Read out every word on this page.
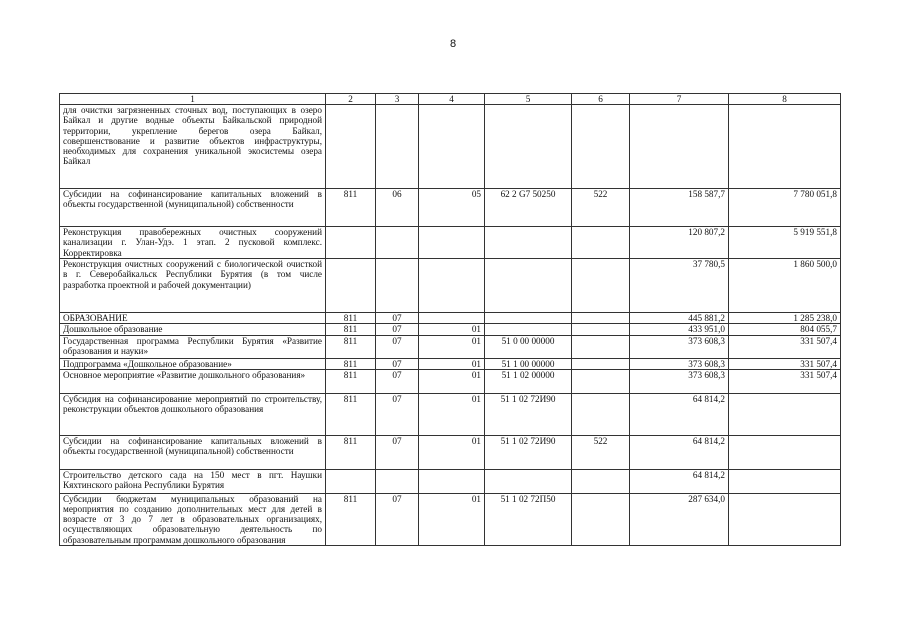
8
1	2	3	4	5	6	7	8
для очистки загрязненных сточных вод, поступающих в озеро Байкал и другие водные объекты Байкальской природной территории, укрепление берегов озера Байкал, совершенствование и развитие объектов инфраструктуры, необходимых для сохранения уникальной экосистемы озера Байкал							
Субсидии на софинансирование капитальных вложений в объекты государственной (муниципальной) собственности	811	06	05	62 2 G7 50250	522	158 587,7	7 780 051,8
Реконструкция правобережных очистных сооружений канализации г. Улан-Удэ. 1 этап. 2 пусковой комплекс. Корректировка						120 807,2	5 919 551,8
Реконструкция очистных сооружений с биологической очисткой в г. Северобайкальск Республики Бурятия (в том числе разработка проектной и рабочей документации)						37 780,5	1 860 500,0
ОБРАЗОВАНИЕ	811	07				445 881,2	1 285 238,0
Дошкольное образование	811	07	01			433 951,0	804 055,7
Государственная программа Республики Бурятия «Развитие образования и науки»	811	07	01	51 0 00 00000		373 608,3	331 507,4
Подпрограмма «Дошкольное образование»	811	07	01	51 1 00 00000		373 608,3	331 507,4
Основное мероприятие «Развитие дошкольного образования»	811	07	01	51 1 02 00000		373 608,3	331 507,4
Субсидия на софинансирование мероприятий по строительству, реконструкции объектов дошкольного образования	811	07	01	51 1 02 72И90		64 814,2	
Субсидии на софинансирование капитальных вложений в объекты государственной (муниципальной) собственности	811	07	01	51 1 02 72И90	522	64 814,2	
Строительство детского сада на 150 мест в пгт. Наушки Кяхтинского района Республики Бурятия						64 814,2	
Субсидии бюджетам муниципальных образований на мероприятия по созданию дополнительных мест для детей в возрасте от 3 до 7 лет в образовательных организациях, осуществляющих образовательную деятельность по образовательным программам дошкольного образования	811	07	01	51 1 02 72П50		287 634,0	
